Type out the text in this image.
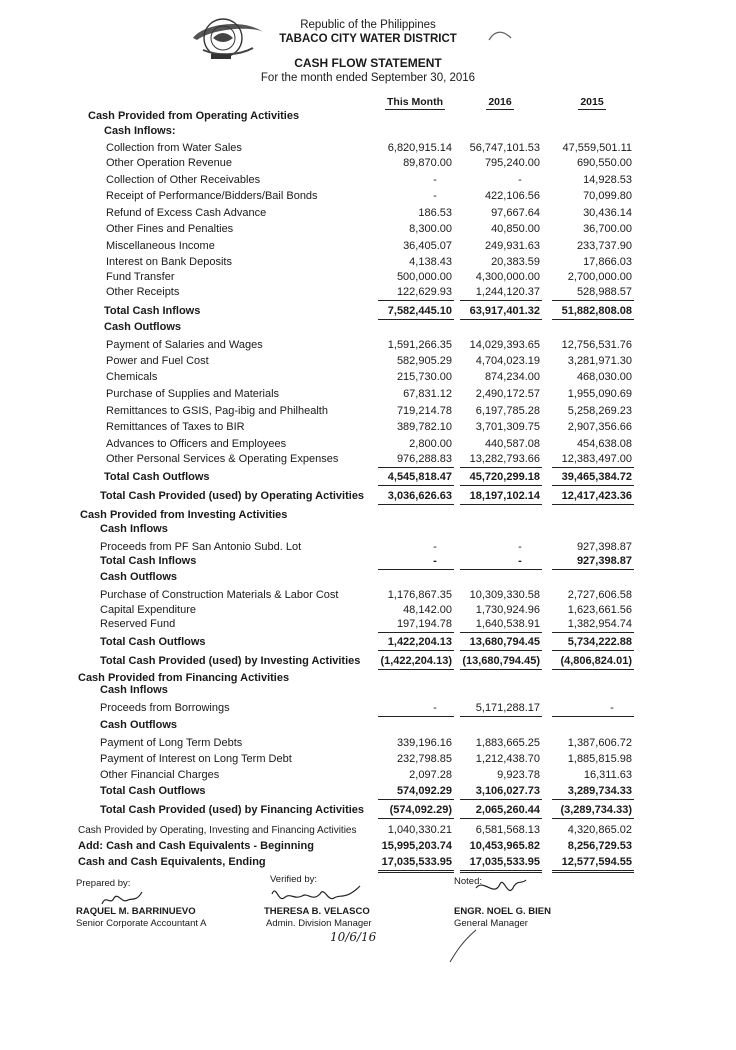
Republic of the Philippines
TABACO CITY WATER DISTRICT
CASH FLOW STATEMENT
For the month ended September 30, 2016
This Month	2016	2015
Cash Provided from Operating Activities
Cash Inflows:
Collection from Water Sales	6,820,915.14	56,747,101.53	47,559,501.11
Other Operation Revenue	89,870.00	795,240.00	690,550.00
Collection of Other Receivables	-	-	14,928.53
Receipt of Performance/Bidders/Bail Bonds	-	422,106.56	70,099.80
Refund of Excess Cash Advance	186.53	97,667.64	30,436.14
Other Fines and Penalties	8,300.00	40,850.00	36,700.00
Miscellaneous Income	36,405.07	249,931.63	233,737.90
Interest on Bank Deposits	4,138.43	20,383.59	17,866.03
Fund Transfer	500,000.00	4,300,000.00	2,700,000.00
Other Receipts	122,629.93	1,244,120.37	528,988.57
Total Cash Inflows	7,582,445.10	63,917,401.32	51,882,808.08
Cash Outflows
Payment of Salaries and Wages	1,591,266.35	14,029,393.65	12,756,531.76
Power and Fuel Cost	582,905.29	4,704,023.19	3,281,971.30
Chemicals	215,730.00	874,234.00	468,030.00
Purchase of Supplies and Materials	67,831.12	2,490,172.57	1,955,090.69
Remittances to GSIS, Pag-ibig and Philhealth	719,214.78	6,197,785.28	5,258,269.23
Remittances of Taxes to BIR	389,782.10	3,701,309.75	2,907,356.66
Advances to Officers and Employees	2,800.00	440,587.08	454,638.08
Other Personal Services & Operating Expenses	976,288.83	13,282,793.66	12,383,497.00
Total Cash Outflows	4,545,818.47	45,720,299.18	39,465,384.72
Total Cash Provided (used) by Operating Activities	3,036,626.63	18,197,102.14	12,417,423.36
Cash Provided from Investing Activities
Cash Inflows
Proceeds from PF San Antonio Subd. Lot	-	-	927,398.87
Total Cash Inflows	-	-	927,398.87
Cash Outflows
Purchase of Construction Materials & Labor Cost	1,176,867.35	10,309,330.58	2,727,606.58
Capital Expenditure	48,142.00	1,730,924.96	1,623,661.56
Reserved Fund	197,194.78	1,640,538.91	1,382,954.74
Total Cash Outflows	1,422,204.13	13,680,794.45	5,734,222.88
Total Cash Provided (used) by Investing Activities (1,422,204.13) (13,680,794.45)	(4,806,824.01)
Cash Provided from Financing Activities
Cash Inflows
Proceeds from Borrowings	-	5,171,288.17	-
Cash Outflows
Payment of Long Term Debts	339,196.16	1,883,665.25	1,387,606.72
Payment of Interest on Long Term Debt	232,798.85	1,212,438.70	1,885,815.98
Other Financial Charges	2,097.28	9,923.78	16,311.63
Total Cash Outflows	574,092.29	3,106,027.73	3,289,734.33
Total Cash Provided (used) by Financing Activities	(574,092.29)	2,065,260.44	(3,289,734.33)
Cash Provided by Operating, Investing and Financing Activities	1,040,330.21	6,581,568.13	4,320,865.02
Add: Cash and Cash Equivalents - Beginning	15,995,203.74	10,453,965.82	8,256,729.53
Cash and Cash Equivalents, Ending	17,035,533.95	17,035,533.95	12,577,594.55
Prepared by:
RAQUEL M. BARRINUEVO
Senior Corporate Accountant A
Verified by:
THERESA B. VELASCO
Admin. Division Manager
10/6/16
Noted:
ENGR. NOEL G. BIEN
General Manager
